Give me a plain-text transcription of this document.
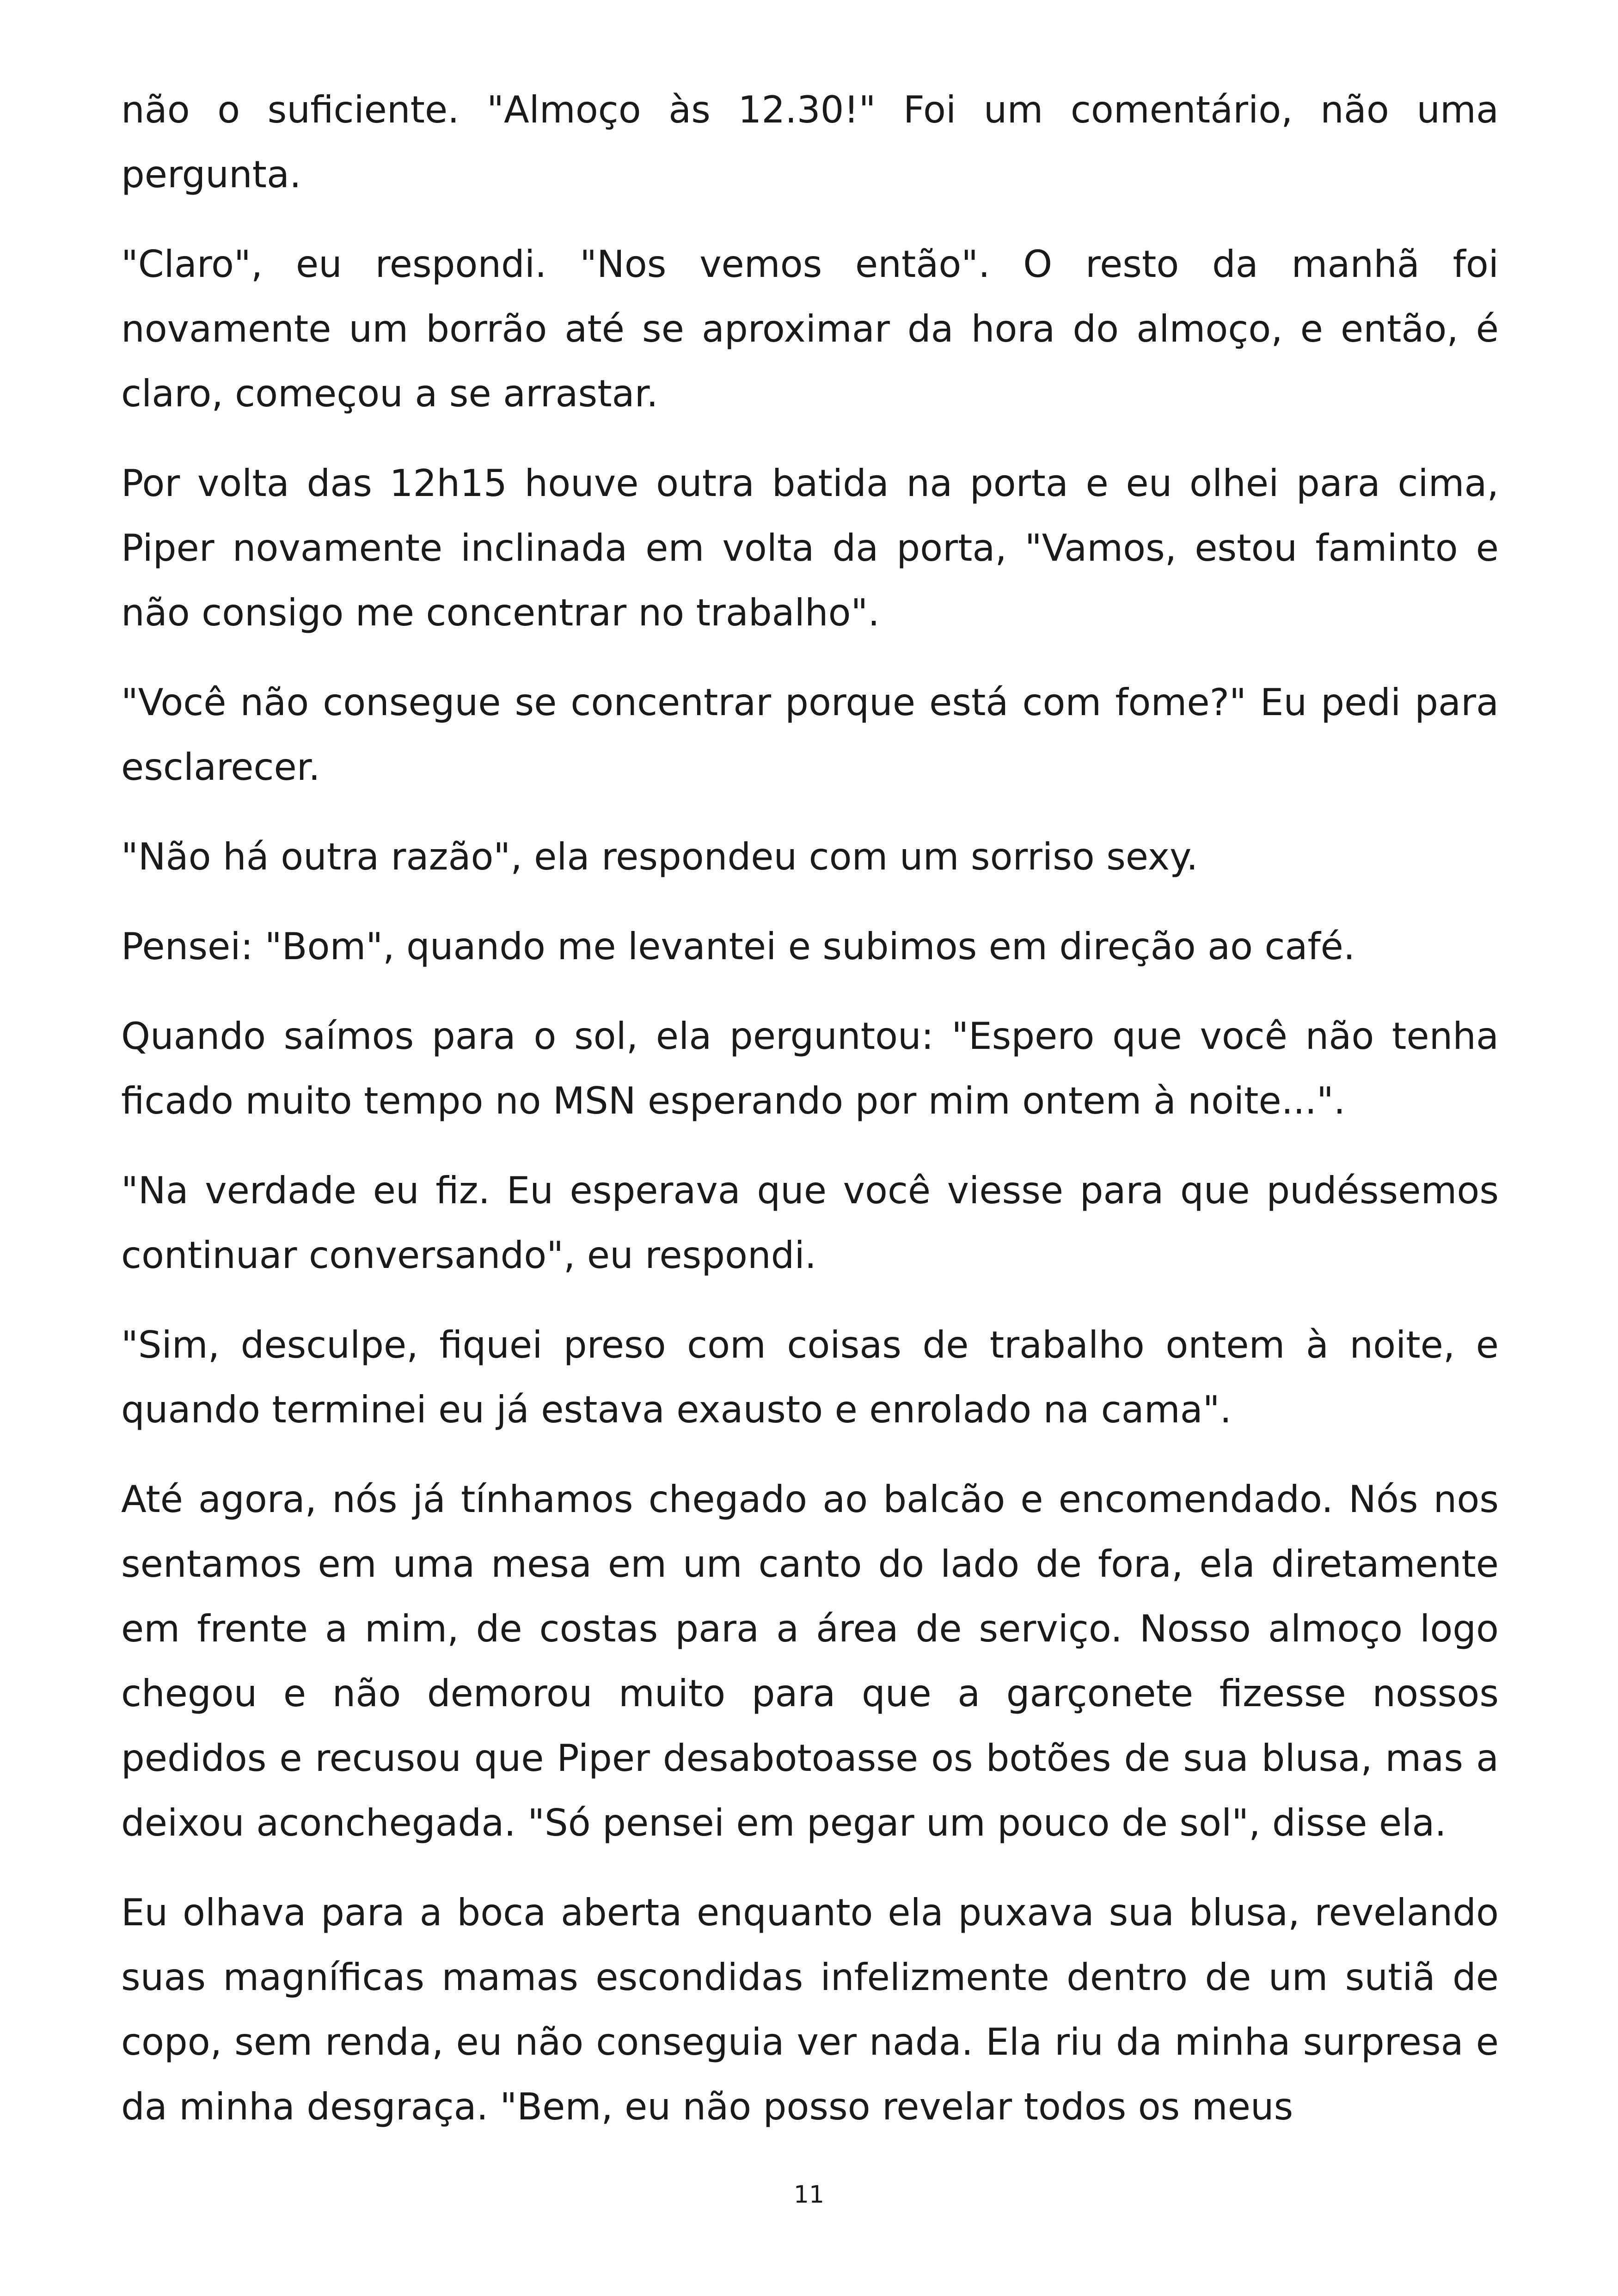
não o suficiente. "Almoço às 12.30!" Foi um comentário, não uma pergunta.

"Claro", eu respondi. "Nos vemos então". O resto da manhã foi novamente um borrão até se aproximar da hora do almoço, e então, é claro, começou a se arrastar.

Por volta das 12h15 houve outra batida na porta e eu olhei para cima, Piper novamente inclinada em volta da porta, "Vamos, estou faminto e não consigo me concentrar no trabalho".

"Você não consegue se concentrar porque está com fome?" Eu pedi para esclarecer.

"Não há outra razão", ela respondeu com um sorriso sexy.

Pensei: "Bom", quando me levantei e subimos em direção ao café.

Quando saímos para o sol, ela perguntou: "Espero que você não tenha ficado muito tempo no MSN esperando por mim ontem à noite...".

"Na verdade eu fiz. Eu esperava que você viesse para que pudéssemos continuar conversando", eu respondi.

"Sim, desculpe, fiquei preso com coisas de trabalho ontem à noite, e quando terminei eu já estava exausto e enrolado na cama".

Até agora, nós já tínhamos chegado ao balcão e encomendado. Nós nos sentamos em uma mesa em um canto do lado de fora, ela diretamente em frente a mim, de costas para a área de serviço. Nosso almoço logo chegou e não demorou muito para que a garçonete fizesse nossos pedidos e recusou que Piper desabotoasse os botões de sua blusa, mas a deixou aconchegada. "Só pensei em pegar um pouco de sol", disse ela.

Eu olhava para a boca aberta enquanto ela puxava sua blusa, revelando suas magníficas mamas escondidas infelizmente dentro de um sutiã de copo, sem renda, eu não conseguia ver nada. Ela riu da minha surpresa e da minha desgraça. "Bem, eu não posso revelar todos os meus

11
